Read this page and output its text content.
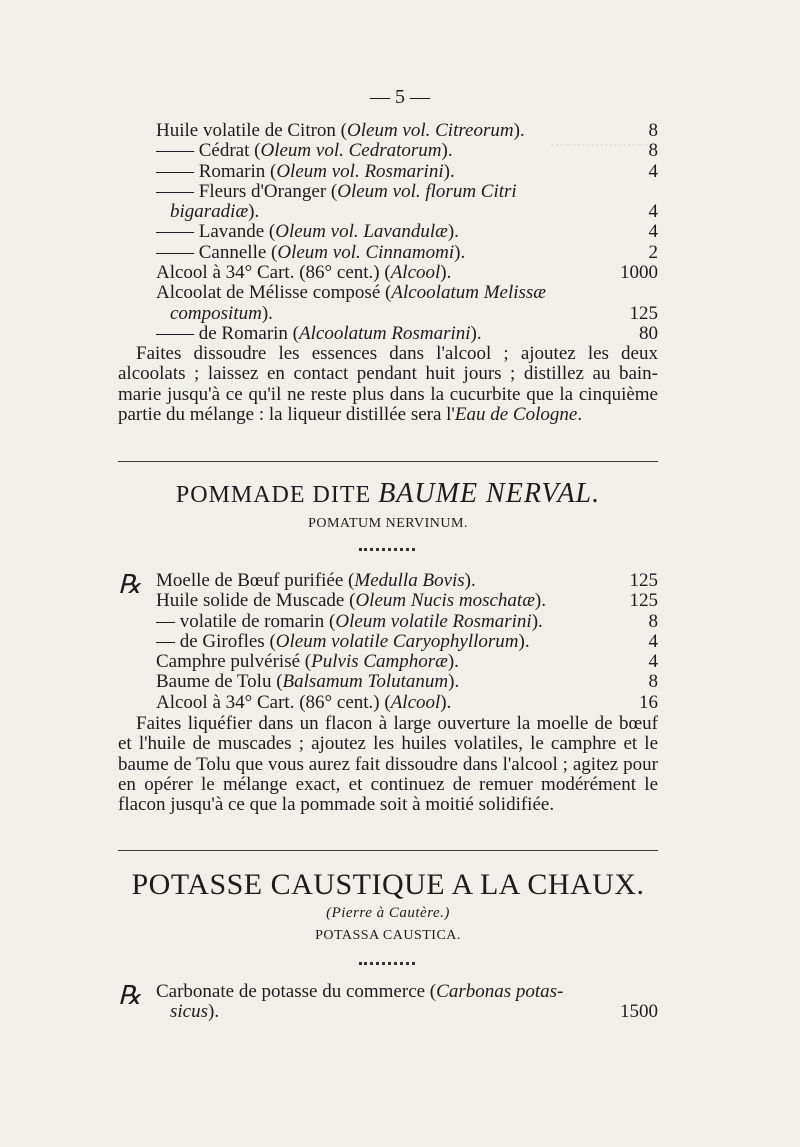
.......................
— 5 —
Huile volatile de Citron (Oleum vol. Citreorum).	8
—— Cédrat (Oleum vol. Cedratorum).	8
—— Romarin (Oleum vol. Rosmarini).	4
—— Fleurs d'Oranger (Oleum vol. florum Citri
bigaradiæ).	4
—— Lavande (Oleum vol. Lavandulæ).	4
—— Cannelle (Oleum vol. Cinnamomi).	2
Alcool à 34° Cart. (86° cent.) (Alcool).	1000
Alcoolat de Mélisse composé (Alcoolatum Melissæ
compositum).	125
—— de Romarin (Alcoolatum Rosmarini).	80
Faites dissoudre les essences dans l'alcool ; ajoutez les deux alcoolats ; laissez en contact pendant huit jours ; distillez au bain-marie jusqu'à ce qu'il ne reste plus dans la cucurbite que la cinquième partie du mélange : la liqueur distillée sera l'Eau de Cologne.
POMMADE DITE BAUME NERVAL.
POMATUM NERVINUM.
℞ Moelle de Bœuf purifiée (Medulla Bovis).	125
Huile solide de Muscade (Oleum Nucis moschatæ).	125
— volatile de romarin (Oleum volatile Rosmarini).	8
— de Girofles (Oleum volatile Caryophyllorum).	4
Camphre pulvérisé (Pulvis Camphoræ).	4
Baume de Tolu (Balsamum Tolutanum).	8
Alcool à 34° Cart. (86° cent.) (Alcool).	16
Faites liquéfier dans un flacon à large ouverture la moelle de bœuf et l'huile de muscades ; ajoutez les huiles volatiles, le camphre et le baume de Tolu que vous aurez fait dissoudre dans l'alcool ; agitez pour en opérer le mélange exact, et continuez de remuer modérément le flacon jusqu'à ce que la pommade soit à moitié solidifiée.
POTASSE CAUSTIQUE A LA CHAUX.
(Pierre à Cautère.)
POTASSA CAUSTICA.
℞ Carbonate de potasse du commerce (Carbonas potas-
sicus).	1500
